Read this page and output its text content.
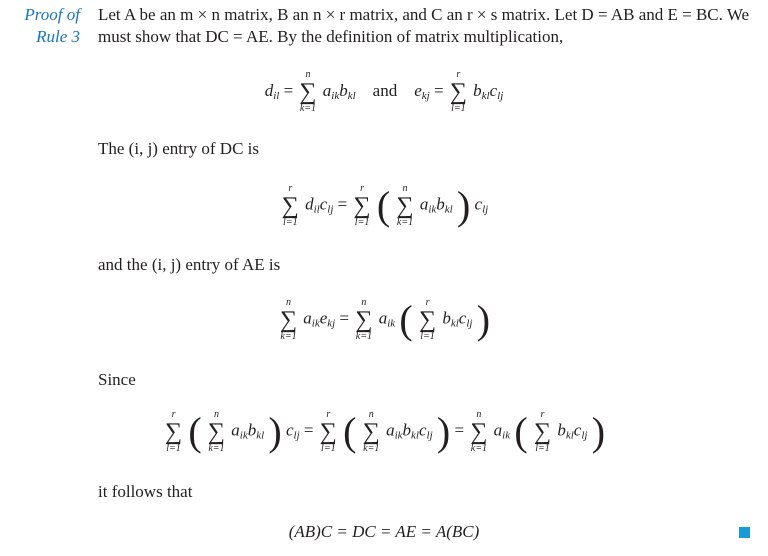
Proof of
Rule 3
Let A be an m × n matrix, B an n × r matrix, and C an r × s matrix. Let D = AB and E = BC. We must show that DC = AE. By the definition of matrix multiplication,
$d_{il}$ =
n
∑
k=1
$a_{ik}b_{kl}$    and    $e_{kj}$ =
r
∑
l=1
$b_{kl}c_{lj}$
The (i, j) entry of DC is
r
∑
l=1
$d_{il}c_{lj}$ =
r
∑
l=1 (	n
∑
k=1
$a_{ik}b_{kl}$ ) $c_{lj}$
and the (i, j) entry of AE is
n
∑
k=1
$a_{ik}e_{kj}$ =
n
∑
k=1
$a_{ik}$ (	r
∑
l=1
$b_{kl}c_{lj}$ )
Since
r
∑
l=1 (	n
∑
k=1
$a_{ik}b_{kl}$ ) $c_{lj}$ =
r
∑
l=1 (	n
∑
k=1
$a_{ik}b_{kl}c_{lj}$ ) =
n
∑
k=1
$a_{ik}$ (	r
∑
l=1
$b_{kl}c_{lj}$ )
it follows that
(AB)C = DC = AE = A(BC)
